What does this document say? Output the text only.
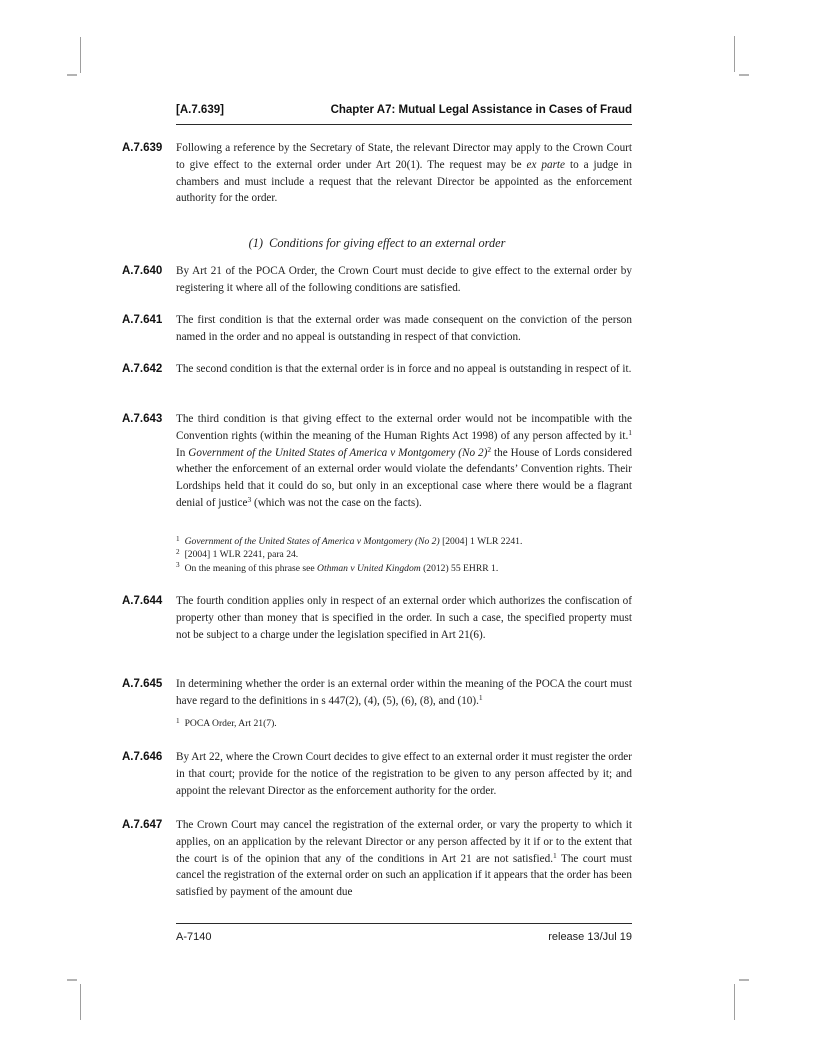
[A.7.639]	Chapter A7: Mutual Legal Assistance in Cases of Fraud
A.7.639 Following a reference by the Secretary of State, the relevant Director may apply to the Crown Court to give effect to the external order under Art 20(1). The request may be ex parte to a judge in chambers and must include a request that the relevant Director be appointed as the enforcement authority for the order.
(1) Conditions for giving effect to an external order
A.7.640 By Art 21 of the POCA Order, the Crown Court must decide to give effect to the external order by registering it where all of the following conditions are satisfied.
A.7.641 The first condition is that the external order was made consequent on the conviction of the person named in the order and no appeal is outstanding in respect of that conviction.
A.7.642 The second condition is that the external order is in force and no appeal is outstanding in respect of it.
A.7.643 The third condition is that giving effect to the external order would not be incompatible with the Convention rights (within the meaning of the Human Rights Act 1998) of any person affected by it.$^1$ In Government of the United States of America v Montgomery (No 2)$^2$ the House of Lords considered whether the enforcement of an external order would violate the defendants’ Convention rights. Their Lordships held that it could do so, but only in an exceptional case where there would be a flagrant denial of justice$^3$ (which was not the case on the facts).
$^1$ Government of the United States of America v Montgomery (No 2) [2004] 1 WLR 2241.
$^2$ [2004] 1 WLR 2241, para 24.
$^3$ On the meaning of this phrase see Othman v United Kingdom (2012) 55 EHRR 1.
A.7.644 The fourth condition applies only in respect of an external order which authorizes the confiscation of property other than money that is specified in the order. In such a case, the specified property must not be subject to a charge under the legislation specified in Art 21(6).
A.7.645 In determining whether the order is an external order within the meaning of the POCA the court must have regard to the definitions in s 447(2), (4), (5), (6), (8), and (10).$^1$
$^1$ POCA Order, Art 21(7).
A.7.646 By Art 22, where the Crown Court decides to give effect to an external order it must register the order in that court; provide for the notice of the registration to be given to any person affected by it; and appoint the relevant Director as the enforcement authority for the order.
A.7.647 The Crown Court may cancel the registration of the external order, or vary the property to which it applies, on an application by the relevant Director or any person affected by it if or to the extent that the court is of the opinion that any of the conditions in Art 21 are not satisfied.$^1$ The court must cancel the registration of the external order on such an application if it appears that the order has been satisfied by payment of the amount due
A-7140	release 13/Jul 19
